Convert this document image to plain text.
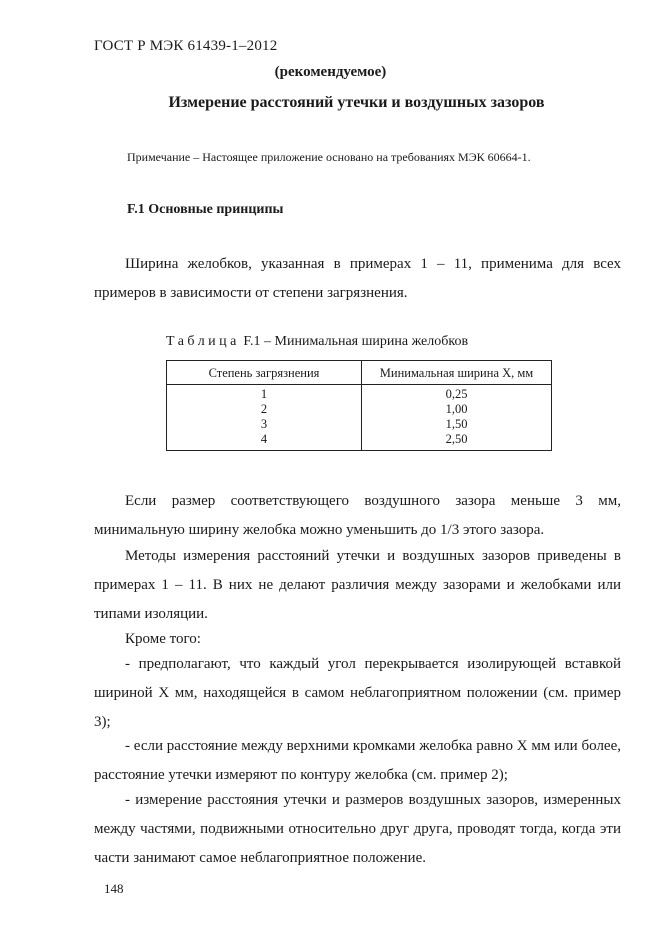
ГОСТ Р МЭК 61439-1–2012
(рекомендуемое)
Измерение расстояний утечки и воздушных зазоров
Примечание – Настоящее приложение основано на требованиях МЭК 60664-1.
F.1 Основные принципы
Ширина желобков, указанная в примерах 1 – 11, применима для всех примеров в зависимости от степени загрязнения.
Таблица F.1 – Минимальная ширина желобков
Степень загрязнения	Минимальная ширина X, мм
1	0,25
2	1,00
3	1,50
4	2,50
Если размер соответствующего воздушного зазора меньше 3 мм, минимальную ширину желобка можно уменьшить до 1/3 этого зазора.
Методы измерения расстояний утечки и воздушных зазоров приведены в примерах 1 – 11. В них не делают различия между зазорами и желобками или типами изоляции.
Кроме того:
- предполагают, что каждый угол перекрывается изолирующей вставкой шириной X мм, находящейся в самом неблагоприятном положении (см. пример 3);
- если расстояние между верхними кромками желобка равно X мм или более, расстояние утечки измеряют по контуру желобка (см. пример 2);
- измерение расстояния утечки и размеров воздушных зазоров, измеренных между частями, подвижными относительно друг друга, проводят тогда, когда эти части занимают самое неблагоприятное положение.
148
